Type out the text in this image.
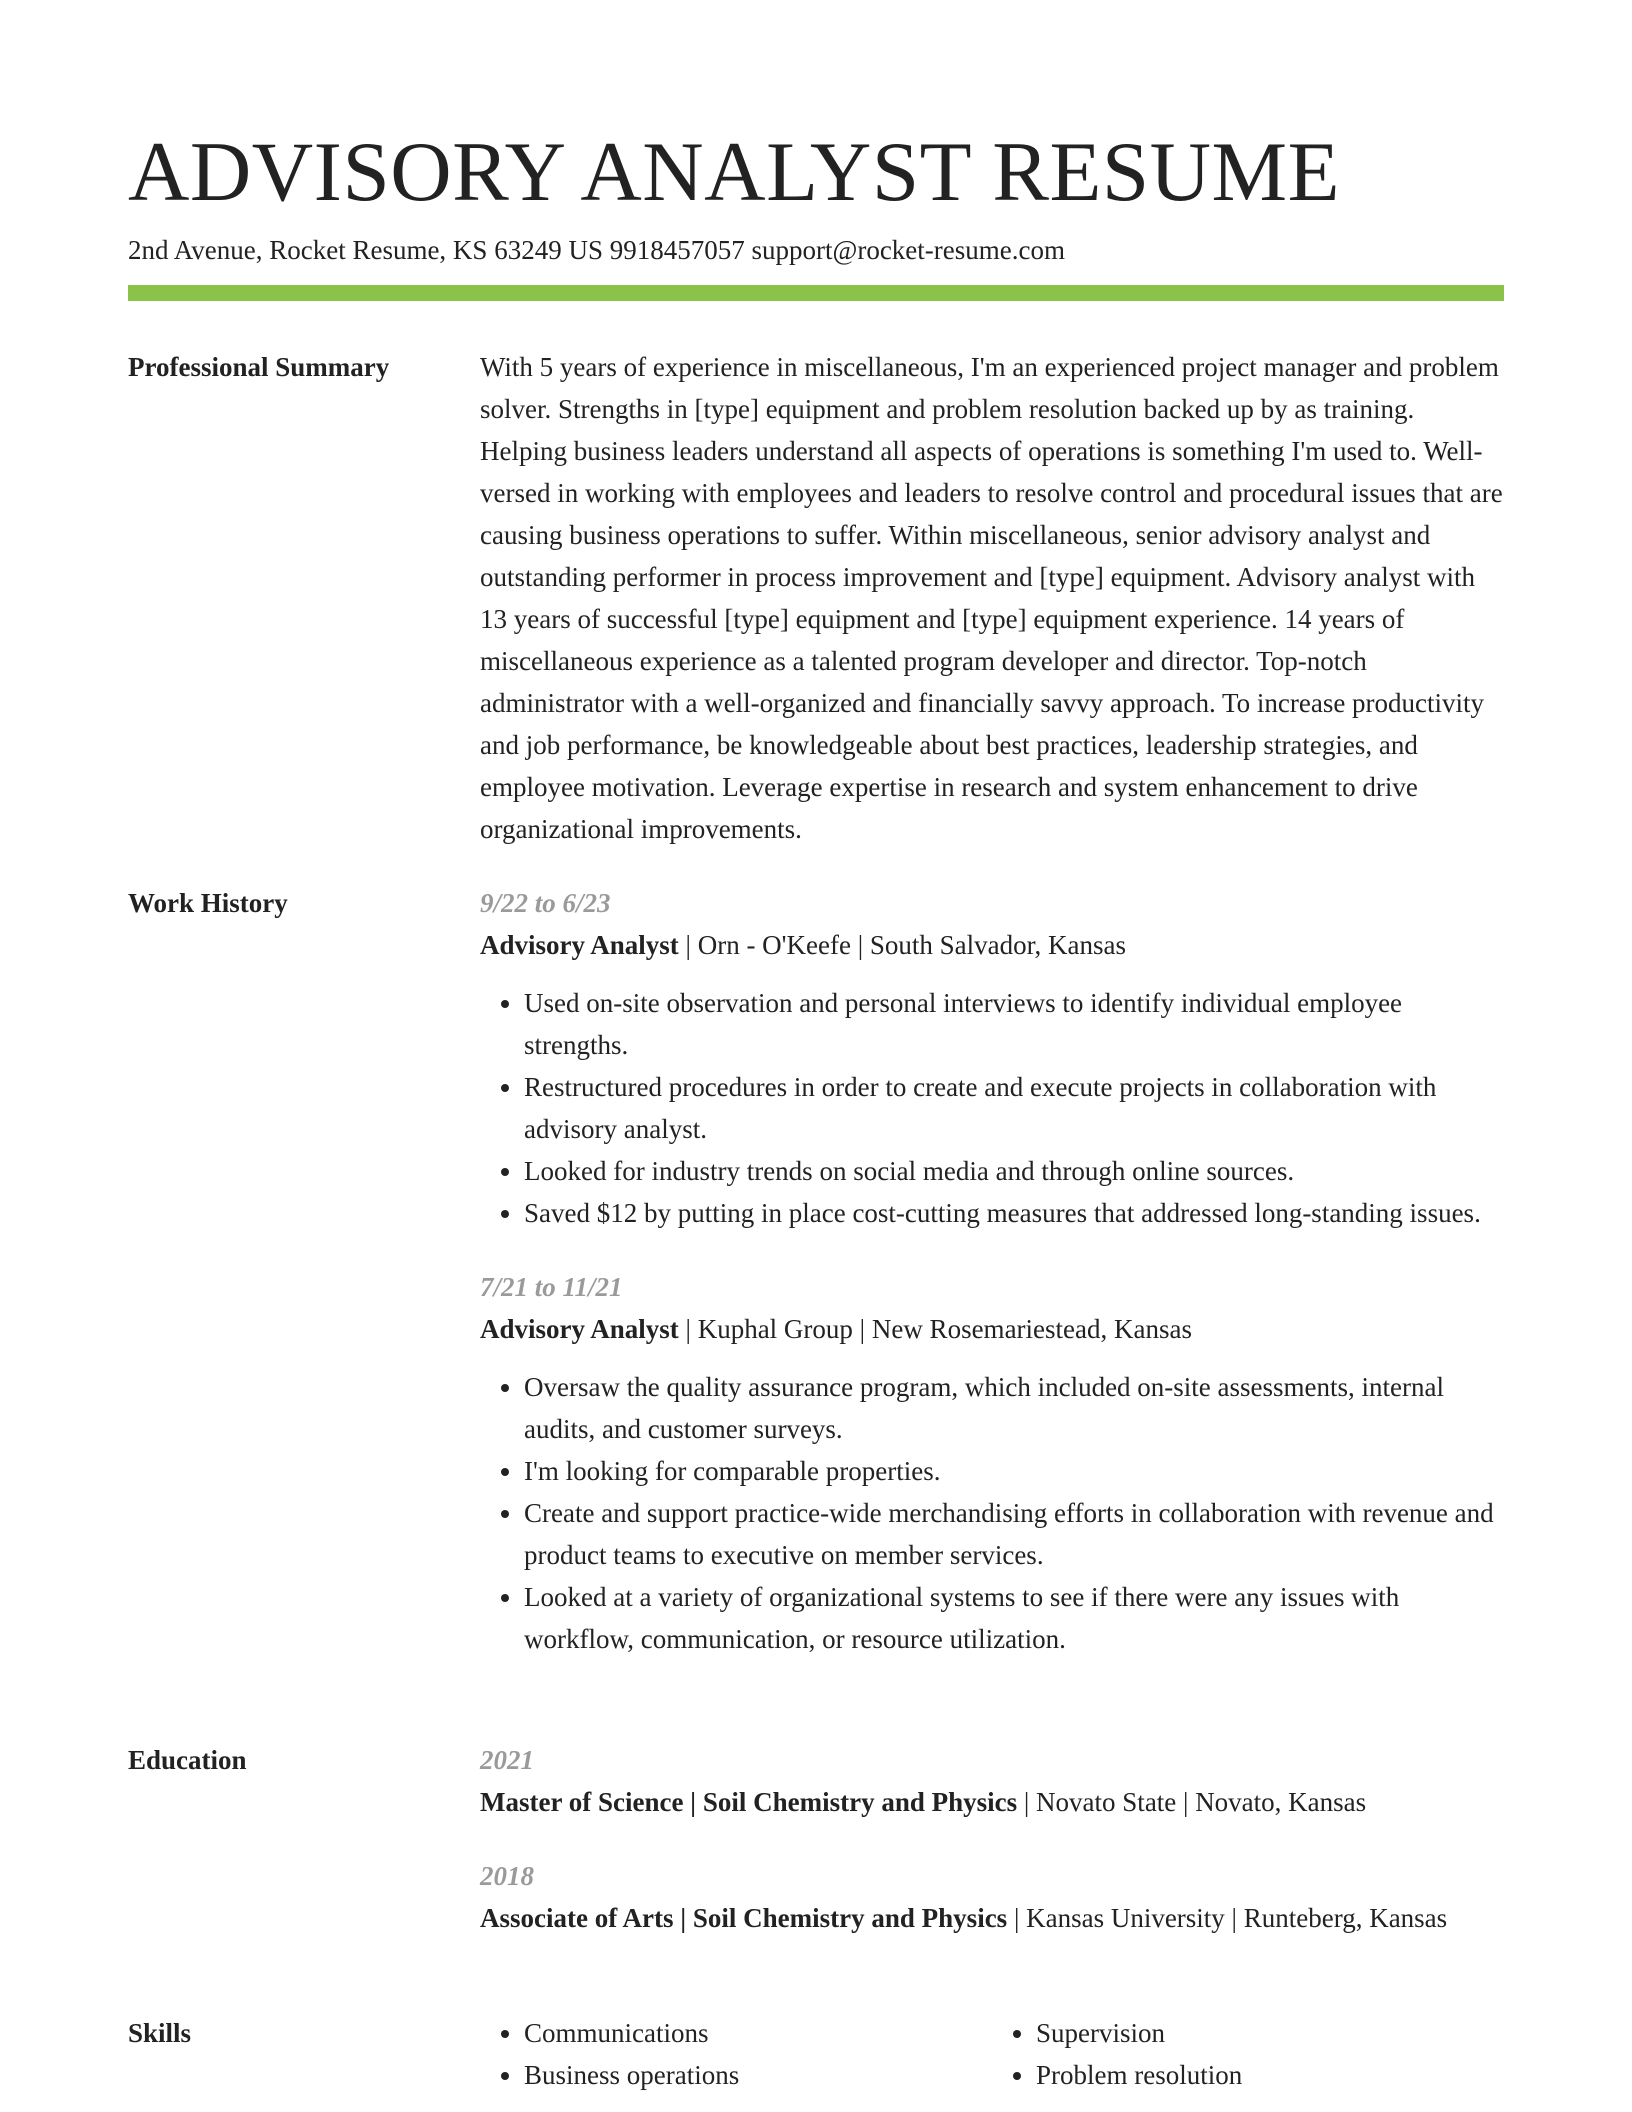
ADVISORY ANALYST RESUME
2nd Avenue, Rocket Resume, KS 63249 US 9918457057 support@rocket-resume.com
Professional Summary	With 5 years of experience in miscellaneous, I'm an experienced project manager and problem solver. Strengths in [type] equipment and problem resolution backed up by as training. Helping business leaders understand all aspects of operations is something I'm used to. Well-versed in working with employees and leaders to resolve control and procedural issues that are causing business operations to suffer. Within miscellaneous, senior advisory analyst and outstanding performer in process improvement and [type] equipment. Advisory analyst with 13 years of successful [type] equipment and [type] equipment experience. 14 years of miscellaneous experience as a talented program developer and director. Top-notch administrator with a well-organized and financially savvy approach. To increase productivity and job performance, be knowledgeable about best practices, leadership strategies, and employee motivation. Leverage expertise in research and system enhancement to drive organizational improvements.

Work History	9/22 to 6/23
Advisory Analyst | Orn - O'Keefe | South Salvador, Kansas
• Used on-site observation and personal interviews to identify individual employee strengths.
• Restructured procedures in order to create and execute projects in collaboration with advisory analyst.
• Looked for industry trends on social media and through online sources.
• Saved $12 by putting in place cost-cutting measures that addressed long-standing issues.
7/21 to 11/21
Advisory Analyst | Kuphal Group | New Rosemariestead, Kansas
• Oversaw the quality assurance program, which included on-site assessments, internal audits, and customer surveys.
• I'm looking for comparable properties.
• Create and support practice-wide merchandising efforts in collaboration with revenue and product teams to executive on member services.
• Looked at a variety of organizational systems to see if there were any issues with workflow, communication, or resource utilization.
Education	2021
Master of Science | Soil Chemistry and Physics | Novato State | Novato, Kansas
2018
Associate of Arts | Soil Chemistry and Physics | Kansas University | Runteberg, Kansas
Skills
•	Communications
• Business operations
• Supervision
• Problem resolution
